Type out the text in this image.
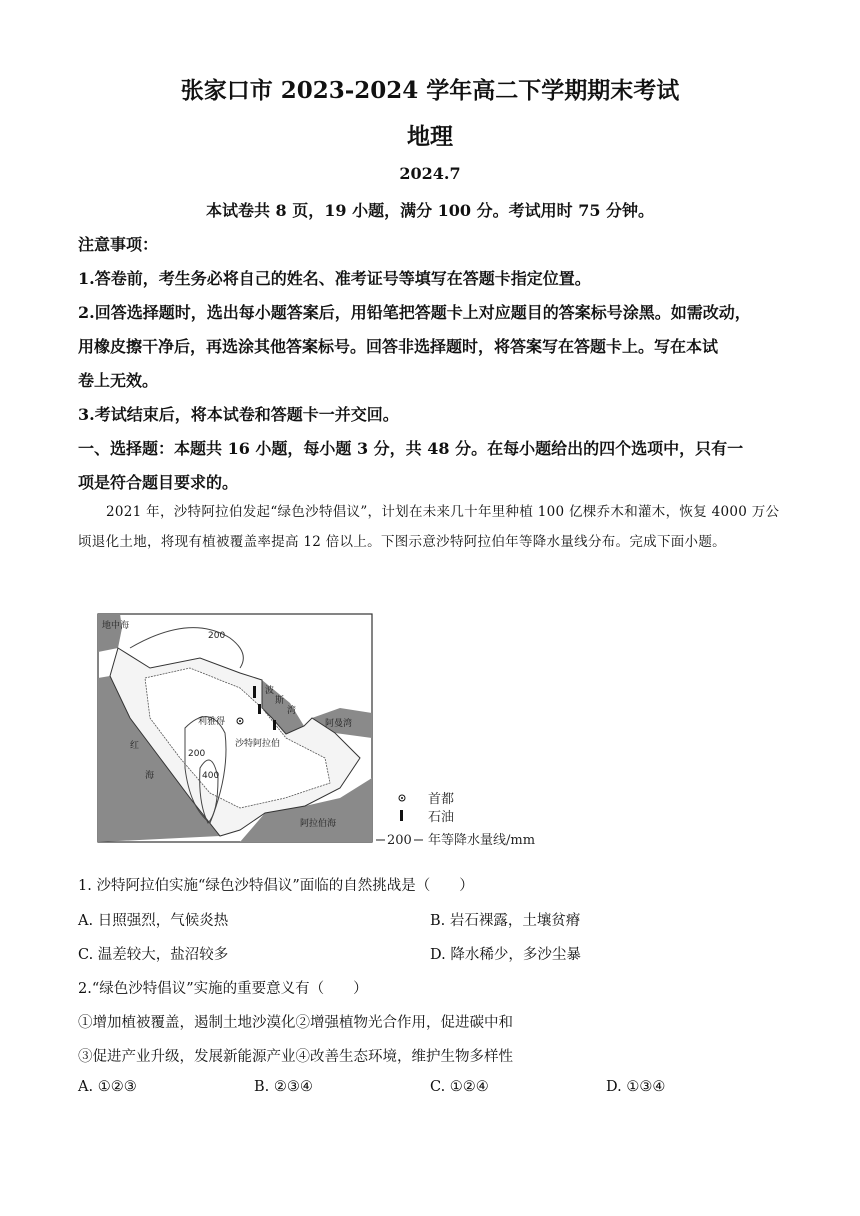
张家口市 2023-2024 学年高二下学期期末考试
地理
2024.7
本试卷共 8 页，19 小题，满分 100 分。考试用时 75 分钟。
注意事项：
1.答卷前，考生务必将自己的姓名、准考证号等填写在答题卡指定位置。
2.回答选择题时，选出每小题答案后，用铅笔把答题卡上对应题目的答案标号涂黑。如需改动，
用橡皮擦干净后，再选涂其他答案标号。回答非选择题时，将答案写在答题卡上。写在本试
卷上无效。
3.考试结束后，将本试卷和答题卡一并交回。
一、选择题：本题共 16 小题，每小题 3 分，共 48 分。在每小题给出的四个选项中，只有一
项是符合题目要求的。

2021 年，沙特阿拉伯发起“绿色沙特倡议”，计划在未来几十年里种植 100 亿棵乔木和灌木，恢复 4000 万公顷退化土地，将现有植被覆盖率提高 12 倍以上。下图示意沙特阿拉伯年等降水量线分布。完成下面小题。

地中海
红
海
波
斯
湾
阿曼湾
利雅得
沙特阿拉伯
阿拉伯海
200
200
400
首都
石油
200 年等降水量线/mm
1. 沙特阿拉伯实施“绿色沙特倡议”面临的自然挑战是（　　）
A. 日照强烈，气候炎热	B. 岩石裸露，土壤贫瘠
C. 温差较大，盐沼较多	D. 降水稀少，多沙尘暴
2.“绿色沙特倡议”实施的重要意义有（　　）
①增加植被覆盖，遏制土地沙漠化②增强植物光合作用，促进碳中和
③促进产业升级，发展新能源产业④改善生态环境，维护生物多样性
A. ①②③	B. ②③④	C. ①②④	D. ①③④
